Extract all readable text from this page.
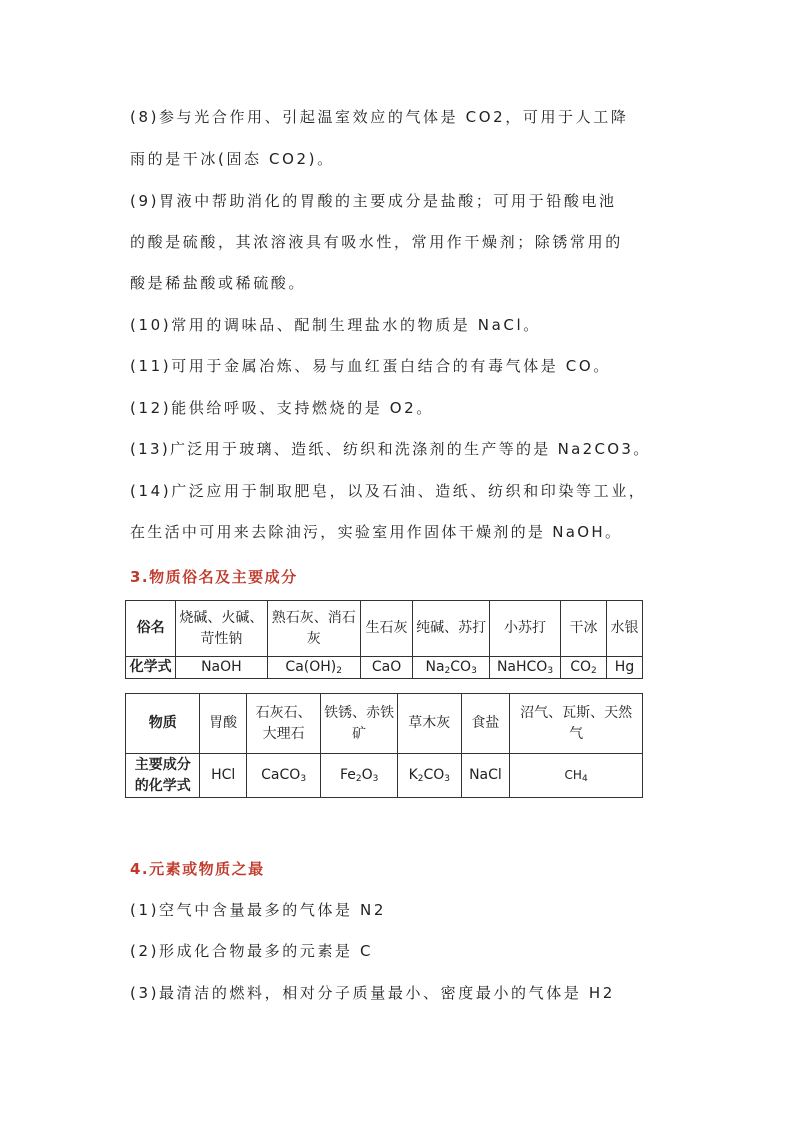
(8)参与光合作用、引起温室效应的气体是 CO2，可用于人工降
雨的是干冰(固态 CO2)。
(9)胃液中帮助消化的胃酸的主要成分是盐酸；可用于铅酸电池
的酸是硫酸，其浓溶液具有吸水性，常用作干燥剂；除锈常用的
酸是稀盐酸或稀硫酸。
(10)常用的调味品、配制生理盐水的物质是 NaCl。
(11)可用于金属冶炼、易与血红蛋白结合的有毒气体是 CO。
(12)能供给呼吸、支持燃烧的是 O2。
(13)广泛用于玻璃、造纸、纺织和洗涤剂的生产等的是 Na2CO3。
(14)广泛应用于制取肥皂，以及石油、造纸、纺织和印染等工业，
在生活中可用来去除油污，实验室用作固体干燥剂的是 NaOH。
3.物质俗名及主要成分
俗名	烧碱、火碱、苛性钠	熟石灰、消石灰	生石灰	纯碱、苏打	小苏打	干冰	水银
化学式	NaOH	$Ca(OH)_2$	CaO	$Na_2CO_3$	NaHCO$_3$	$CO_2$	Hg
物质	胃酸	石灰石、大理石	铁锈、赤铁矿	草木灰	食盐	沼气、瓦斯、天然气
主要成分的化学式	HCl	CaCO$_3$	$Fe_2O_3$	$K_2CO_3$	NaCl	$CH_4$
4.元素或物质之最
(1)空气中含量最多的气体是 N2
(2)形成化合物最多的元素是 C
(3)最清洁的燃料，相对分子质量最小、密度最小的气体是 H2
